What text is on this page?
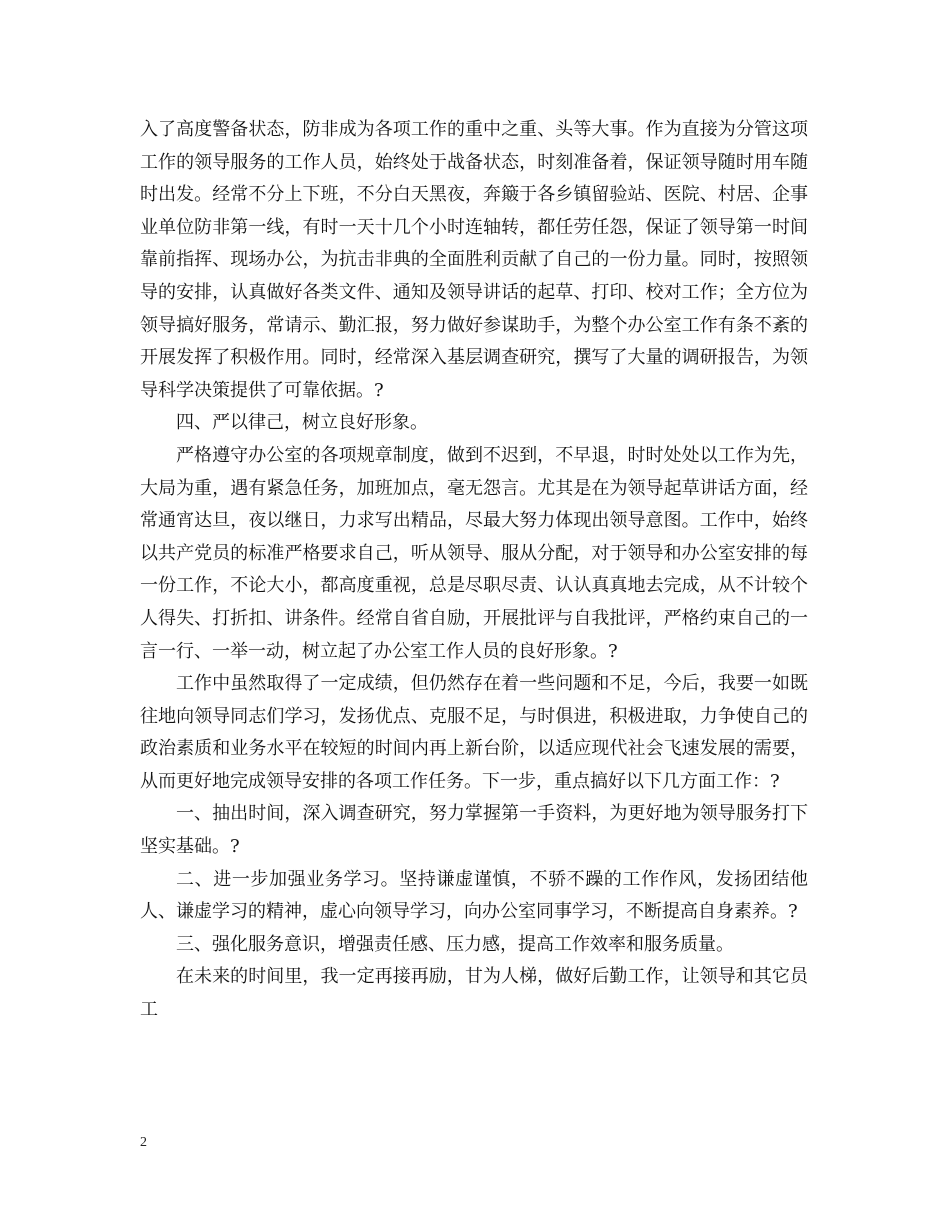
入了高度警备状态，防非成为各项工作的重中之重、头等大事。作为直接为分管这项工作的领导服务的工作人员，始终处于战备状态，时刻准备着，保证领导随时用车随时出发。经常不分上下班，不分白天黑夜，奔簸于各乡镇留验站、医院、村居、企事业单位防非第一线，有时一天十几个小时连轴转，都任劳任怨，保证了领导第一时间靠前指挥、现场办公，为抗击非典的全面胜利贡献了自己的一份力量。同时，按照领导的安排，认真做好各类文件、通知及领导讲话的起草、打印、校对工作；全方位为领导搞好服务，常请示、勤汇报，努力做好参谋助手，为整个办公室工作有条不紊的开展发挥了积极作用。同时，经常深入基层调查研究，撰写了大量的调研报告，为领导科学决策提供了可靠依据。?

四、严以律己，树立良好形象。

严格遵守办公室的各项规章制度，做到不迟到，不早退，时时处处以工作为先，大局为重，遇有紧急任务，加班加点，毫无怨言。尤其是在为领导起草讲话方面，经常通宵达旦，夜以继日，力求写出精品，尽最大努力体现出领导意图。工作中，始终以共产党员的标准严格要求自己，听从领导、服从分配，对于领导和办公室安排的每一份工作，不论大小，都高度重视，总是尽职尽责、认认真真地去完成，从不计较个人得失、打折扣、讲条件。经常自省自励，开展批评与自我批评，严格约束自己的一言一行、一举一动，树立起了办公室工作人员的良好形象。?

工作中虽然取得了一定成绩，但仍然存在着一些问题和不足，今后，我要一如既往地向领导同志们学习，发扬优点、克服不足，与时俱进，积极进取，力争使自己的政治素质和业务水平在较短的时间内再上新台阶，以适应现代社会飞速发展的需要，从而更好地完成领导安排的各项工作任务。下一步，重点搞好以下几方面工作：?

一、抽出时间，深入调查研究，努力掌握第一手资料，为更好地为领导服务打下坚实基础。?

二、进一步加强业务学习。坚持谦虚谨慎，不骄不躁的工作作风，发扬团结他人、谦虚学习的精神，虚心向领导学习，向办公室同事学习，不断提高自身素养。?

三、强化服务意识，增强责任感、压力感，提高工作效率和服务质量。

在未来的时间里，我一定再接再励，甘为人梯，做好后勤工作，让领导和其它员工

2
